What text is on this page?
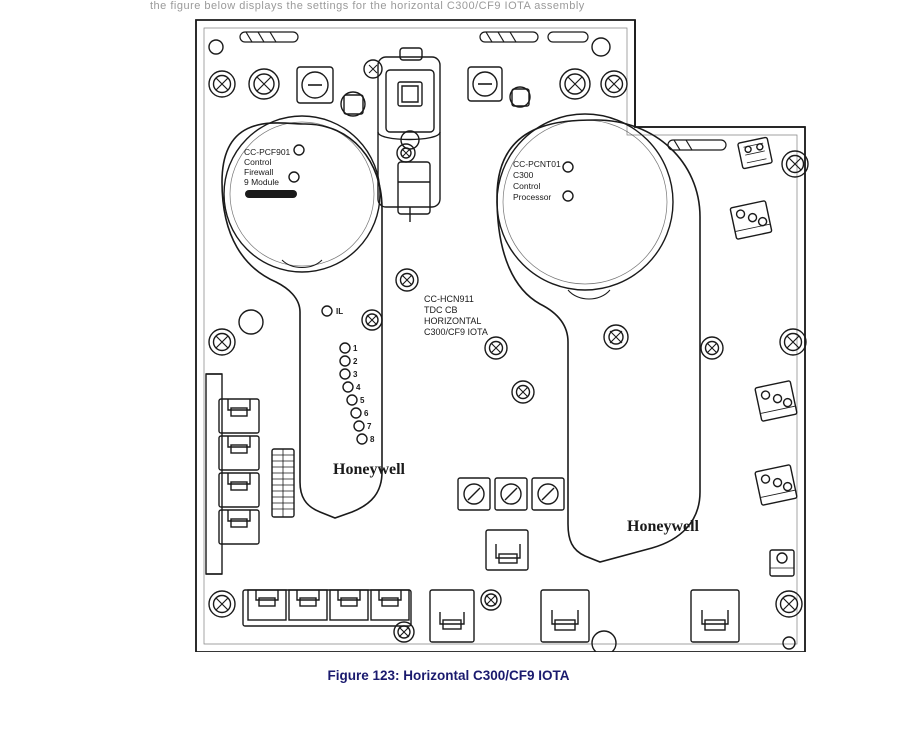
the figure below displays the settings for the horizontal C300/CF9 IOTA assembly
CC-PCF901
Control
Firewall
9 Module
CC-PCNT01
C300
Control
Processor
CC-HCN911
TDC CB
HORIZONTAL
C300/CF9 IOTA
IL
1
2
3
4
5
6
7
8
Honeywell
Honeywell
Figure 123: Horizontal C300/CF9 IOTA
